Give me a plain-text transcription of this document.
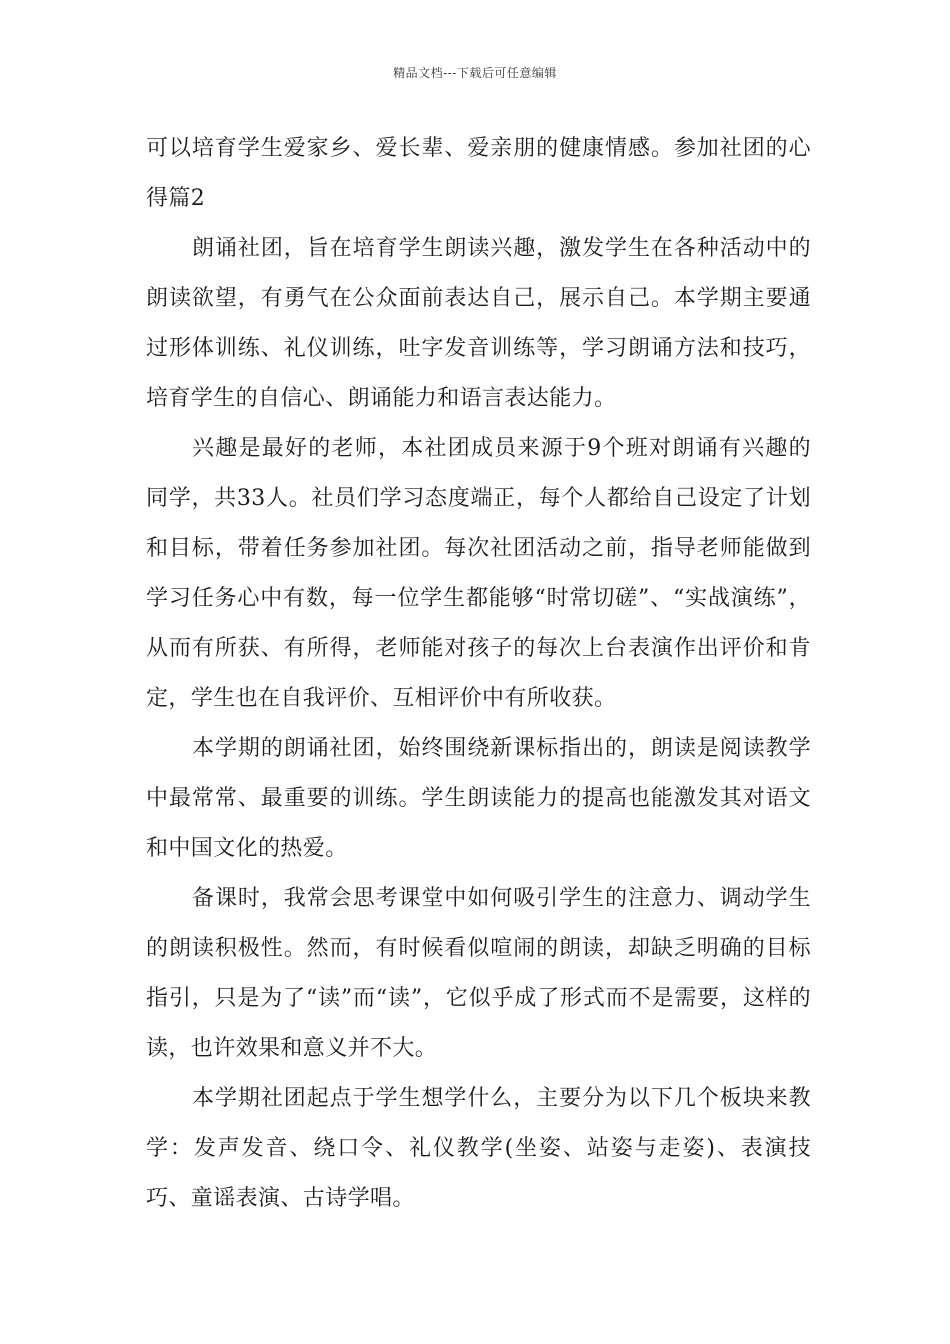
精品文档---下载后可任意编辑

可以培育学生爱家乡、爱长辈、爱亲朋的健康情感。参加社团的心得篇2

朗诵社团，旨在培育学生朗读兴趣，激发学生在各种活动中的朗读欲望，有勇气在公众面前表达自己，展示自己。本学期主要通过形体训练、礼仪训练，吐字发音训练等，学习朗诵方法和技巧，培育学生的自信心、朗诵能力和语言表达能力。

兴趣是最好的老师，本社团成员来源于9个班对朗诵有兴趣的同学，共33人。社员们学习态度端正，每个人都给自己设定了计划和目标，带着任务参加社团。每次社团活动之前，指导老师能做到学习任务心中有数，每一位学生都能够“时常切磋”、“实战演练”，从而有所获、有所得，老师能对孩子的每次上台表演作出评价和肯定，学生也在自我评价、互相评价中有所收获。

本学期的朗诵社团，始终围绕新课标指出的，朗读是阅读教学中最常常、最重要的训练。学生朗读能力的提高也能激发其对语文和中国文化的热爱。

备课时，我常会思考课堂中如何吸引学生的注意力、调动学生的朗读积极性。然而，有时候看似喧闹的朗读，却缺乏明确的目标指引，只是为了“读”而“读”，它似乎成了形式而不是需要，这样的读，也许效果和意义并不大。

本学期社团起点于学生想学什么，主要分为以下几个板块来教学：发声发音、绕口令、礼仪教学(坐姿、站姿与走姿)、表演技巧、童谣表演、古诗学唱。
